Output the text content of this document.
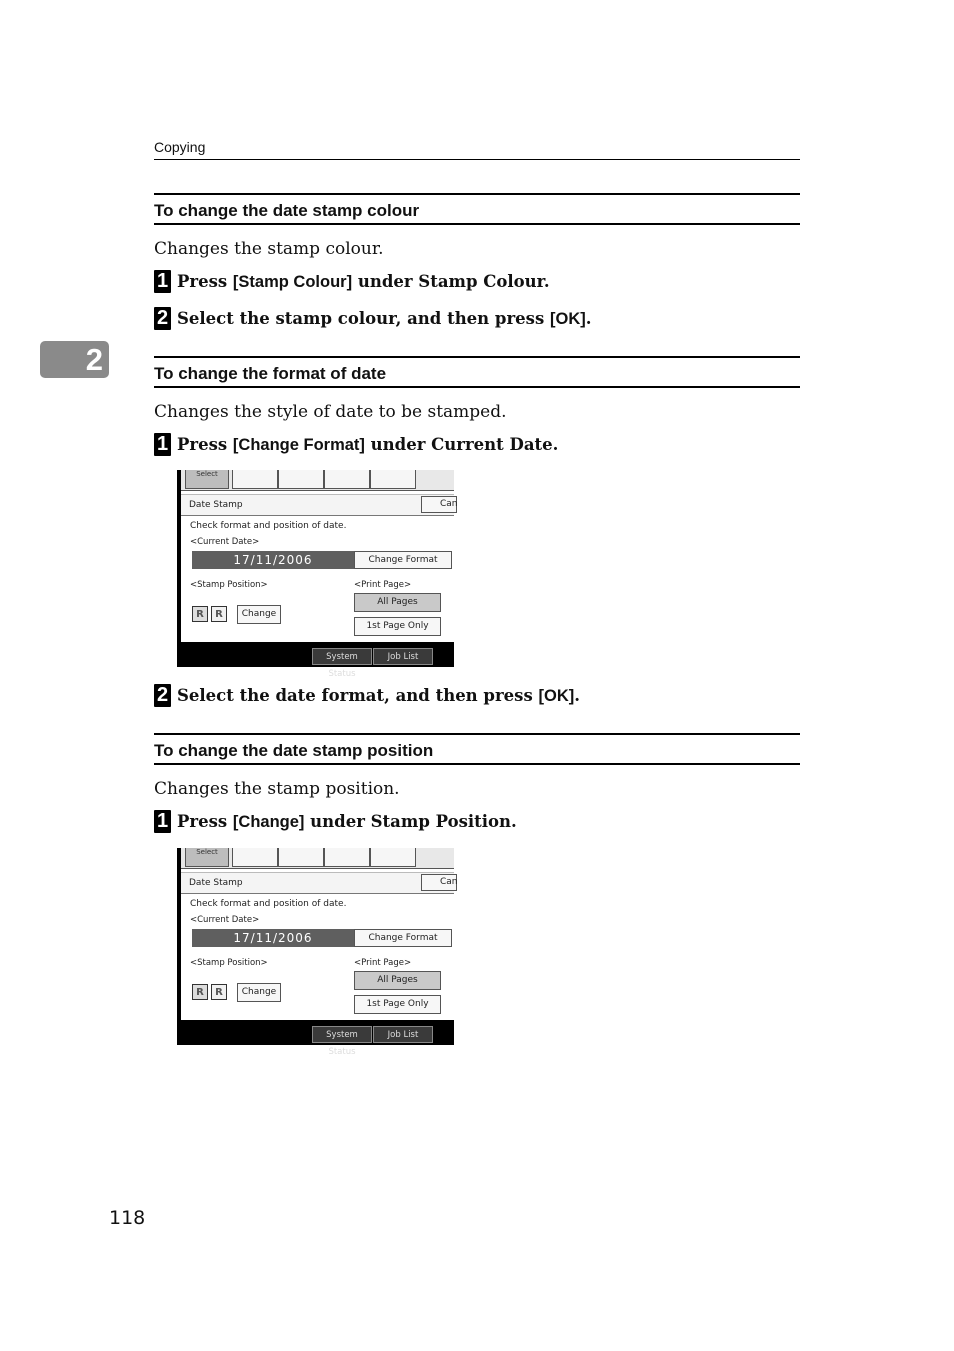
Copying
2
To change the date stamp colour
Changes the stamp colour.
1 Press [Stamp Colour] under Stamp Colour.
2 Select the stamp colour, and then press [OK] .
To change the format of date
Changes the style of date to be stamped.
1 Press [Change Format] under Current Date.
Select
Date Stamp	Can
Check format and position of date.
<Current Date>
17/11/2006	Change Format
<Stamp Position>	<Print Page>
R	R	Change
All Pages
1st Page Only
System Status
Job List
2 Select the date format, and then press [OK] .
To change the date stamp position
Changes the stamp position.
1 Press [Change] under Stamp Position.
Select
Date Stamp	Can
Check format and position of date.
<Current Date>
17/11/2006	Change Format
<Stamp Position>	<Print Page>
R	R	Change
All Pages
1st Page Only
System Status
Job List
118
